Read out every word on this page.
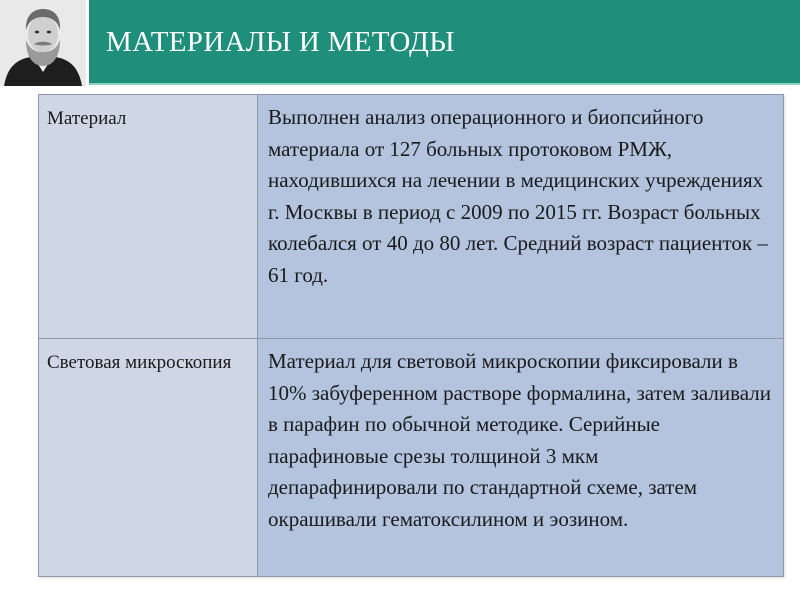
МАТЕРИАЛЫ И МЕТОДЫ
Материал	Выполнен анализ операционного и биопсийного материала от 127 больных протоковом РМЖ, находившихся на лечении в медицинских учреждениях г. Москвы в период с 2009 по 2015 гг. Возраст больных колебался от 40 до 80 лет. Средний возраст пациенток – 61 год.
Световая микроскопия	Материал для световой микроскопии фиксировали в 10% забуференном растворе формалина, затем заливали в парафин по обычной методике. Серийные парафиновые срезы толщиной 3 мкм депарафинировали по стандартной схеме, затем окрашивали гематоксилином и эозином.
